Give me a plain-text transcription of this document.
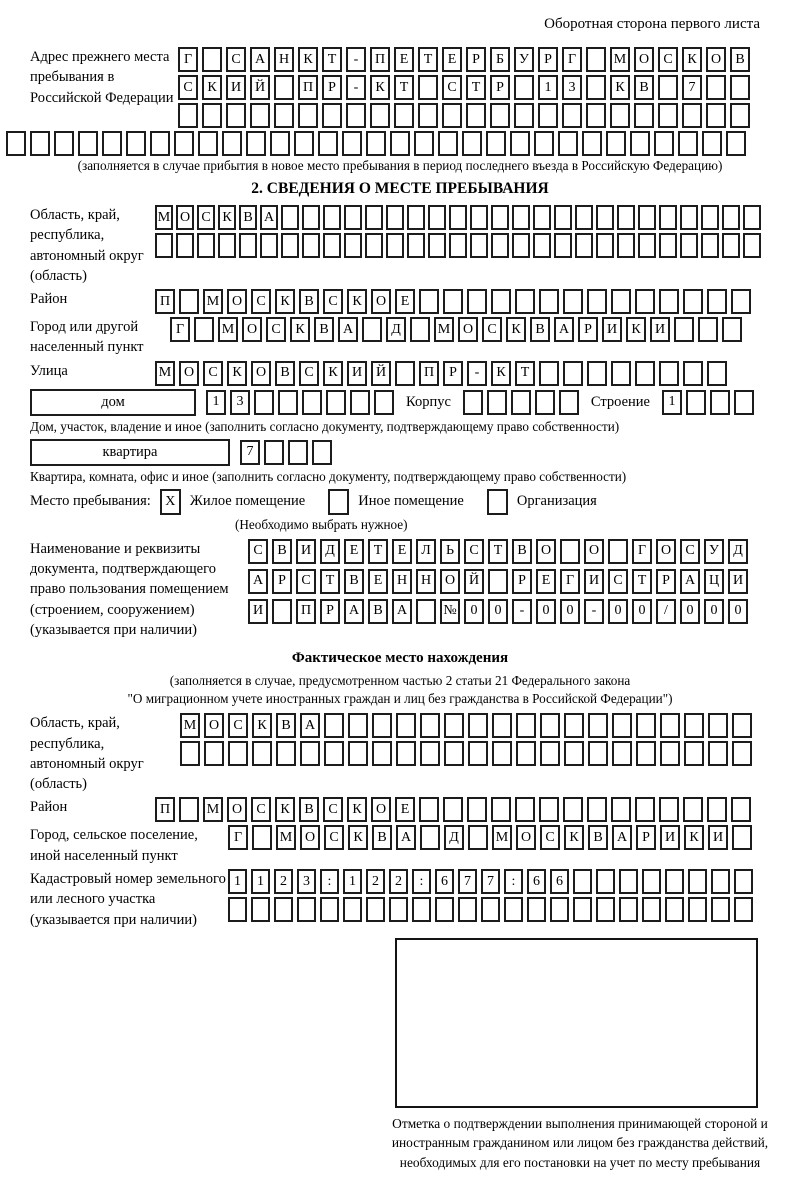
Оборотная сторона первого листа
Адрес прежнего места пребывания в Российской Федерации
Г	С	А Н	К	Т	-	П	Е	Т	Е	Р	Б	У	Р	Г	М О	С	К	О	В
С	К	И Й	П	Р	-	К	Т	С	Т	Р	1	3	К	В	7
(заполняется в случае прибытия в новое место пребывания в период последнего въезда в Российскую Федерацию)
2. СВЕДЕНИЯ О МЕСТЕ ПРЕБЫВАНИЯ
Область, край, республика, автономный округ (область)
М О С К В А
Район	П	М О	С	К	В	С	К	О	Е
Город или другой населенный пункт
Г	М О	С	К	В	А	Д	М О	С	К	В	А	Р	И	К	И
Улица	М О	С	К	О	В	С	К	И Й	П	Р	-	К	Т
дом	1	3	Корпус	Строение	1
Дом, участок, владение и иное (заполнить согласно документу, подтверждающему право собственности)
квартира	7
Квартира, комната, офис и иное (заполнить согласно документу, подтверждающему право собственности)
Место пребывания:	X Жилое помещение	Иное помещение	Организация
(Необходимо выбрать нужное)
Наименование и реквизиты документа, подтверждающего право пользования помещением (строением, сооружением) (указывается при наличии)
С	В	И	Д	Е	Т	Е	Л	Ь	С	Т	В	О	О	Г	О	С	У	Д
А	Р	С	Т	В	Е	Н Н О Й	Р	Е	Г	И	С	Т	Р	А Ц И
И	П	Р	А	В	А	№ 0	0	-	0	0	-	0	0	/	0	0	0
Фактическое место нахождения
(заполняется в случае, предусмотренном частью 2 статьи 21 Федерального закона
"О миграционном учете иностранных граждан и лиц без гражданства в Российской Федерации")
Область, край, республика, автономный округ (область)
М О	С	К	В	А
Район	П	М О	С	К	В	С	К	О	Е
Город, сельское поселение, иной населенный пункт
Г	М О	С	К	В	А	Д	М О	С	К	В	А	Р	И	К	И
Кадастровый номер земельного или лесного участка (указывается при наличии)
1	1	2	3	:	1	2	2	:	6	7	7	:	6	6
Отметка о подтверждении выполнения принимающей стороной и иностранным гражданином или лицом без гражданства действий, необходимых для его постановки на учет по месту пребывания
